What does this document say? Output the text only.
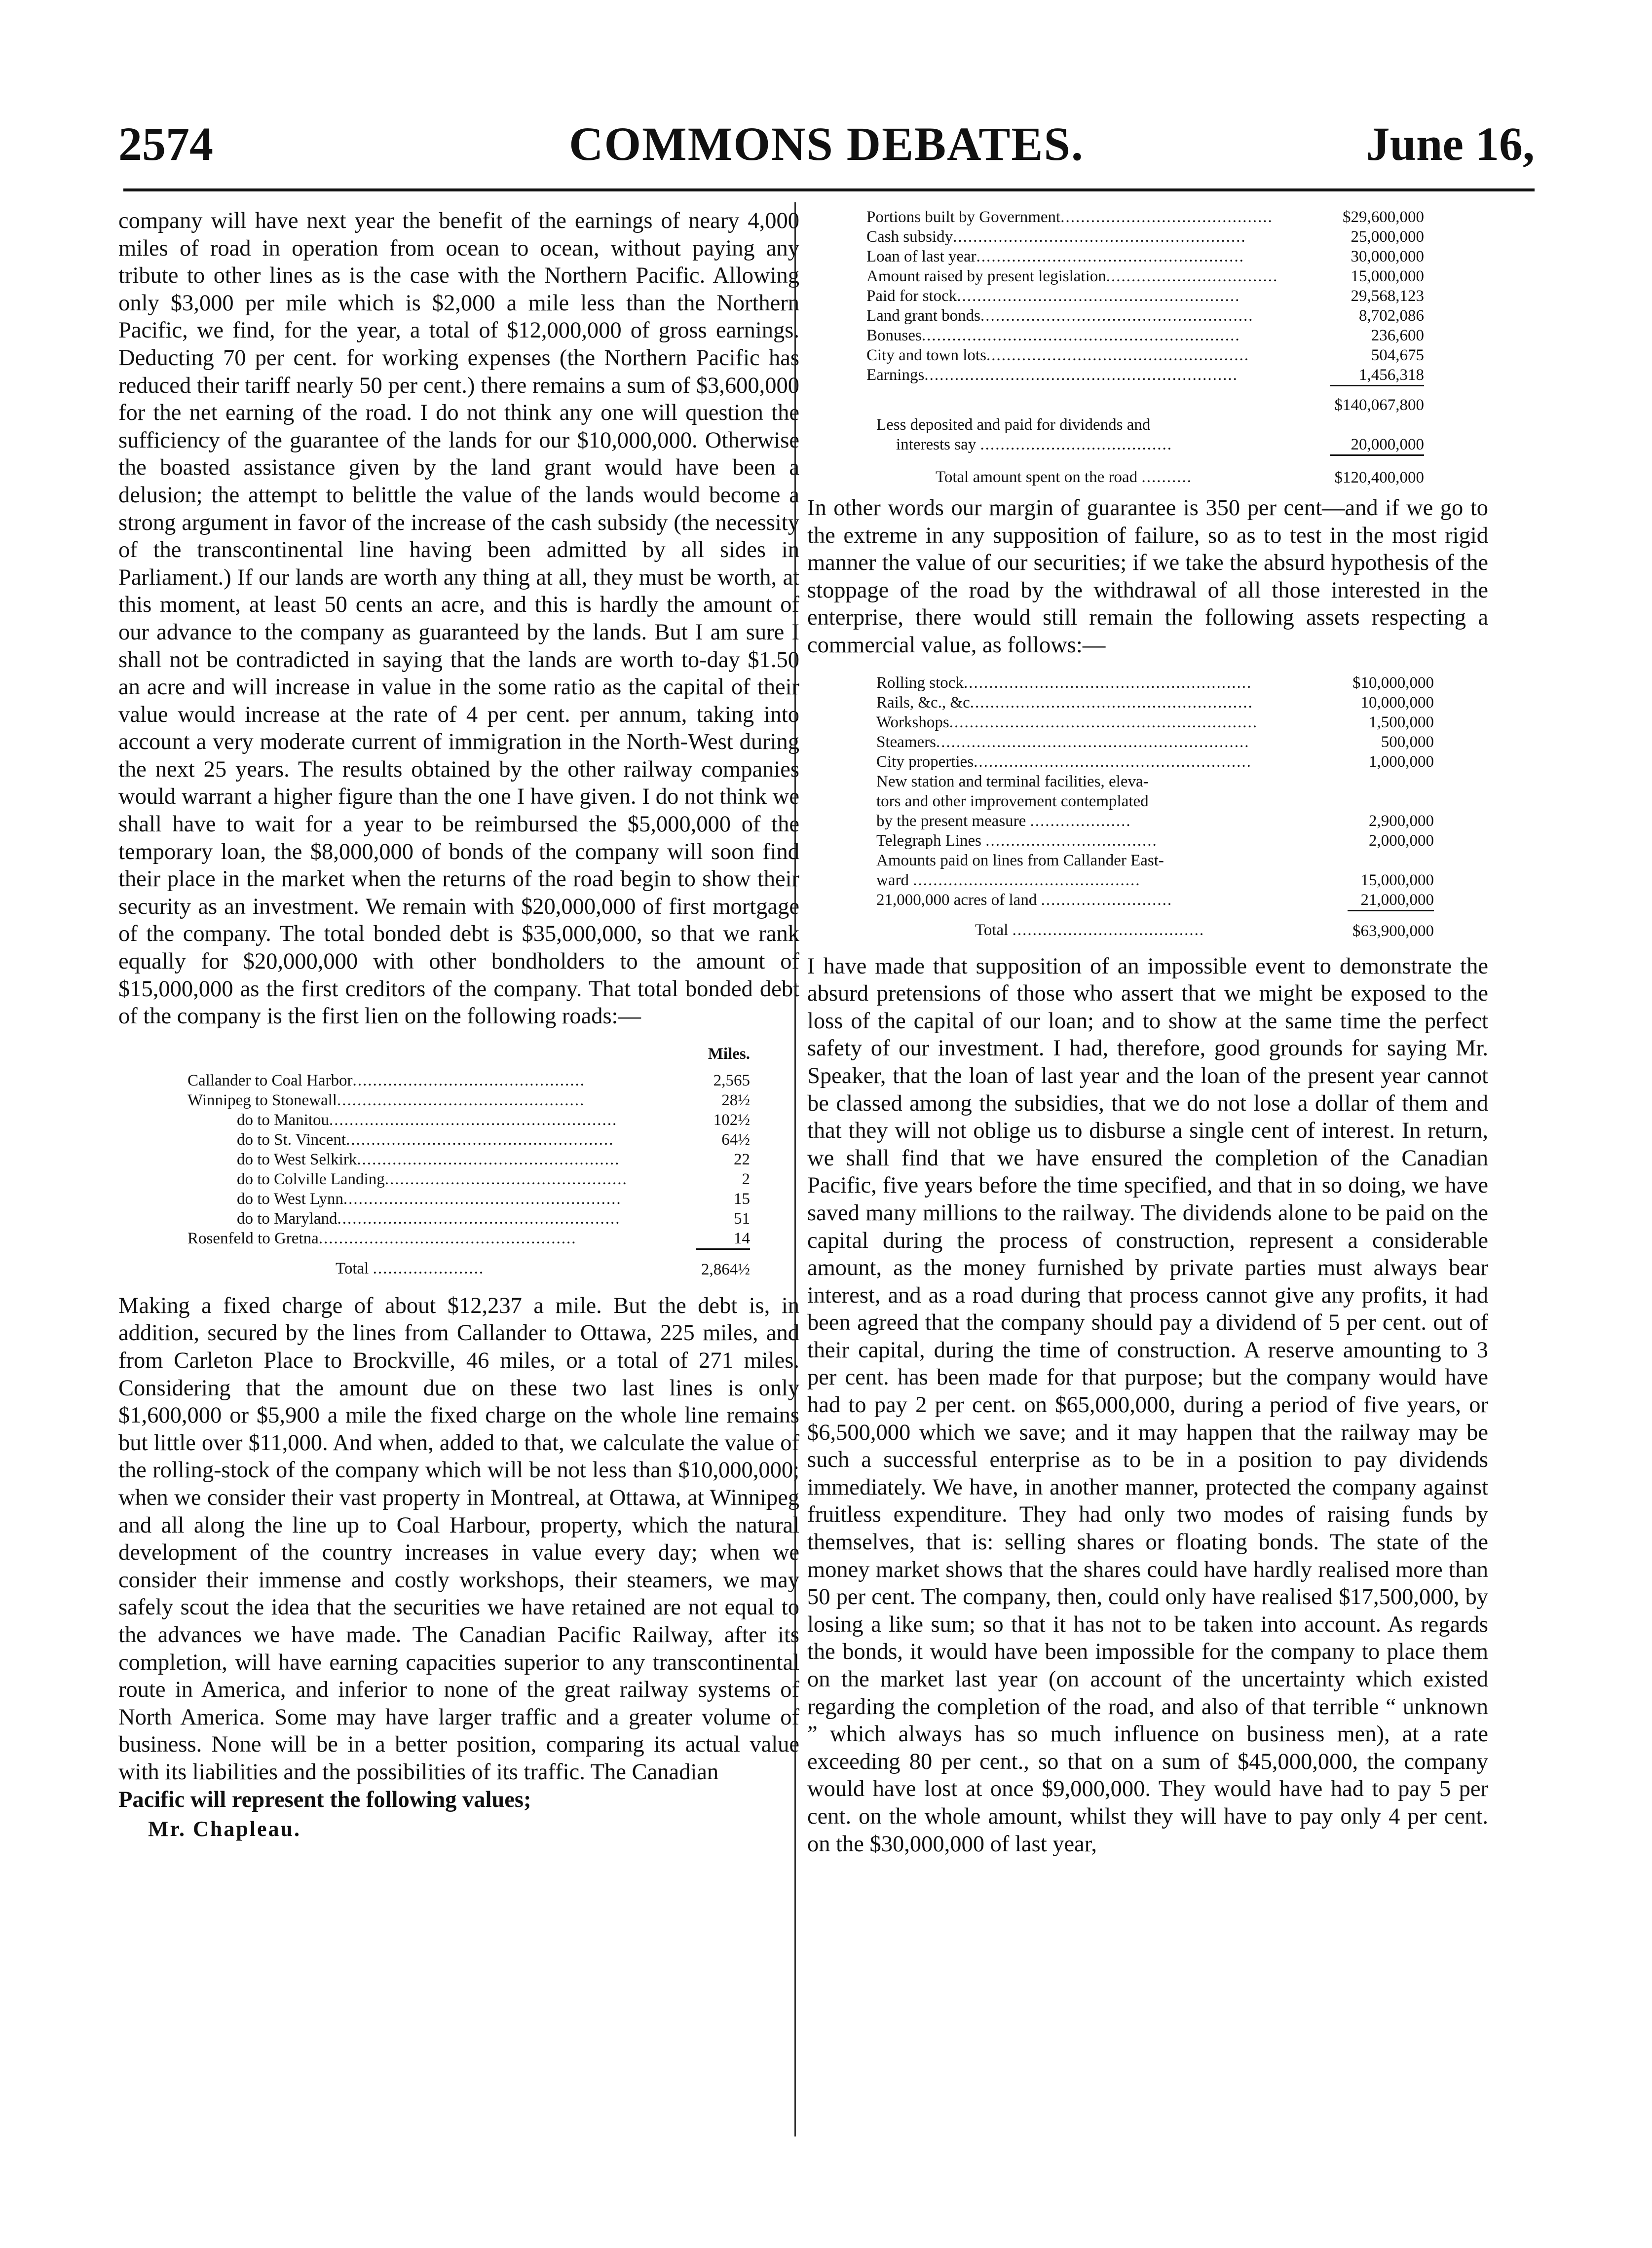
2574	COMMONS DEBATES.	June 16,

company will have next year the benefit of the earnings of neary 4,000 miles of road in operation from ocean to ocean, without paying any tribute to other lines as is the case with the Northern Pacific. Allowing only $3,000 per mile which is $2,000 a mile less than the Northern Pacific, we find, for the year, a total of $12,000,000 of gross earnings. Deducting 70 per cent. for working expenses (the Northern Pacific has reduced their tariff nearly 50 per cent.) there remains a sum of $3,600,000 for the net earning of the road. I do not think any one will question the sufficiency of the guarantee of the lands for our $10,000,000. Otherwise the boasted assistance given by the land grant would have been a delusion; the attempt to belittle the value of the lands would become a strong argument in favor of the increase of the cash subsidy (the necessity of the transcontinental line having been admitted by all sides in Parliament.) If our lands are worth any thing at all, they must be worth, at this moment, at least 50 cents an acre, and this is hardly the amount of our advance to the company as guaranteed by the lands. But I am sure I shall not be contradicted in saying that the lands are worth to-day $1.50 an acre and will increase in value in the some ratio as the capital of their value would increase at the rate of 4 per cent. per annum, taking into account a very moderate current of immigration in the North-West during the next 25 years. The results obtained by the other railway companies would warrant a higher figure than the one I have given. I do not think we shall have to wait for a year to be reimbursed the $5,000,000 of the temporary loan, the $8,000,000 of bonds of the company will soon find their place in the market when the returns of the road begin to show their security as an investment. We remain with $20,000,000 of first mortgage of the company. The total bonded debt is $35,000,000, so that we rank equally for $20,000,000 with other bondholders to the amount of $15,000,000 as the first creditors of the company. That total bonded debt of the company is the first lien on the following roads:—

	Miles.
Callander to Coal Harbor..............................................	2,565
Winnipeg to Stonewall.................................................	28½
do to Manitou.........................................................	102½
do to St. Vincent.....................................................	64½
do to West Selkirk....................................................	22
do to Colville Landing................................................	2
do to West Lynn.......................................................	15
do to Maryland........................................................	51
Rosenfeld to Gretna...................................................	14
Total ......................	2,864½

Making a fixed charge of about $12,237 a mile. But the debt is, in addition, secured by the lines from Callander to Ottawa, 225 miles, and from Carleton Place to Brockville, 46 miles, or a total of 271 miles. Considering that the amount due on these two last lines is only $1,600,000 or $5,900 a mile the fixed charge on the whole line remains but little over $11,000. And when, added to that, we calculate the value of the rolling-stock of the company which will be not less than $10,000,000; when we consider their vast property in Montreal, at Ottawa, at Winnipeg and all along the line up to Coal Harbour, property, which the natural development of the country increases in value every day; when we consider their immense and costly workshops, their steamers, we may safely scout the idea that the securities we have retained are not equal to the advances we have made. The Canadian Pacific Railway, after its completion, will have earning capacities superior to any transcontinental route in America, and inferior to none of the great railway systems of North America. Some may have larger traffic and a greater volume of business. None will be in a better position, comparing its actual value with its liabilities and the possibilities of its traffic. The Canadian

Pacific will represent the following values;

Mr. Chapleau.
Portions built by Government..........................................	$29,600,000
Cash subsidy..........................................................	25,000,000
Loan of last year.....................................................	30,000,000
Amount raised by present legislation..................................	15,000,000
Paid for stock........................................................	29,568,123
Land grant bonds......................................................	8,702,086
Bonuses...............................................................	236,600
City and town lots....................................................	504,675
Earnings..............................................................	1,456,318
	$140,067,800
Less deposited and paid for dividends and	
interests say ......................................	20,000,000
Total amount spent on the road ..........	$120,400,000

In other words our margin of guarantee is 350 per cent—and if we go to the extreme in any supposition of failure, so as to test in the most rigid manner the value of our securities; if we take the absurd hypothesis of the stoppage of the road by the withdrawal of all those interested in the enterprise, there would still remain the following assets respecting a commercial value, as follows:—

Rolling stock.........................................................	$10,000,000
Rails, &c., &c........................................................	10,000,000
Workshops.............................................................	1,500,000
Steamers..............................................................	500,000
City properties.......................................................	1,000,000
New station and terminal facilities, eleva-	
tors and other improvement contemplated	
by the present measure ....................	2,900,000
Telegraph Lines ..................................	2,000,000
Amounts paid on lines from Callander East-	
ward .............................................	15,000,000
21,000,000 acres of land ..........................	21,000,000
Total ......................................	$63,900,000

I have made that supposition of an impossible event to demonstrate the absurd pretensions of those who assert that we might be exposed to the loss of the capital of our loan; and to show at the same time the perfect safety of our investment. I had, therefore, good grounds for saying Mr. Speaker, that the loan of last year and the loan of the present year cannot be classed among the subsidies, that we do not lose a dollar of them and that they will not oblige us to disburse a single cent of interest. In return, we shall find that we have ensured the completion of the Canadian Pacific, five years before the time specified, and that in so doing, we have saved many millions to the railway. The dividends alone to be paid on the capital during the process of construction, represent a considerable amount, as the money furnished by private parties must always bear interest, and as a road during that process cannot give any profits, it had been agreed that the company should pay a dividend of 5 per cent. out of their capital, during the time of construction. A reserve amounting to 3 per cent. has been made for that purpose; but the company would have had to pay 2 per cent. on $65,000,000, during a period of five years, or $6,500,000 which we save; and it may happen that the railway may be such a successful enterprise as to be in a position to pay dividends immediately. We have, in another manner, protected the company against fruitless expenditure. They had only two modes of raising funds by themselves, that is: selling shares or floating bonds. The state of the money market shows that the shares could have hardly realised more than 50 per cent. The company, then, could only have realised $17,500,000, by losing a like sum; so that it has not to be taken into account. As regards the bonds, it would have been impossible for the company to place them on the market last year (on account of the uncertainty which existed regarding the completion of the road, and also of that terrible “ unknown ” which always has so much influence on business men), at a rate exceeding 80 per cent., so that on a sum of $45,000,000, the company would have lost at once $9,000,000. They would have had to pay 5 per cent. on the whole amount, whilst they will have to pay only 4 per cent. on the $30,000,000 of last year,
